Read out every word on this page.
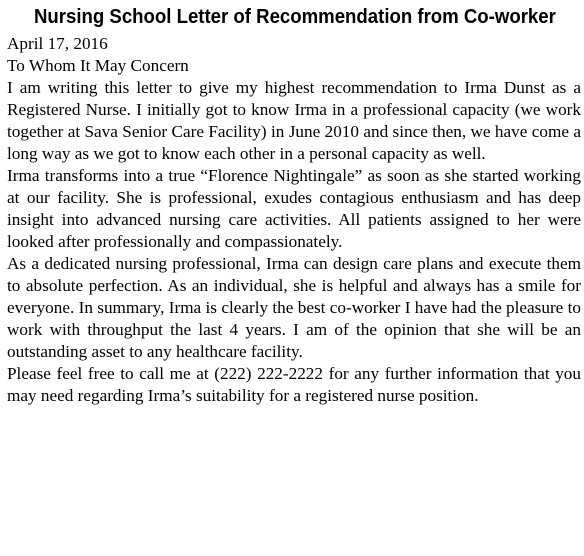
Nursing School Letter of Recommendation from Co-worker

April 17, 2016

To Whom It May Concern

I am writing this letter to give my highest recommendation to Irma Dunst as a Registered Nurse. I initially got to know Irma in a professional capacity (we work together at Sava Senior Care Facility) in June 2010 and since then, we have come a long way as we got to know each other in a personal capacity as well.

Irma transforms into a true “Florence Nightingale” as soon as she started working at our facility. She is professional, exudes contagious enthusiasm and has deep insight into advanced nursing care activities. All patients assigned to her were looked after professionally and compassionately.

As a dedicated nursing professional, Irma can design care plans and execute them to absolute perfection. As an individual, she is helpful and always has a smile for everyone. In summary, Irma is clearly the best co-worker I have had the pleasure to work with throughput the last 4 years. I am of the opinion that she will be an outstanding asset to any healthcare facility.

Please feel free to call me at (222) 222-2222 for any further information that you may need regarding Irma’s suitability for a registered nurse position.
